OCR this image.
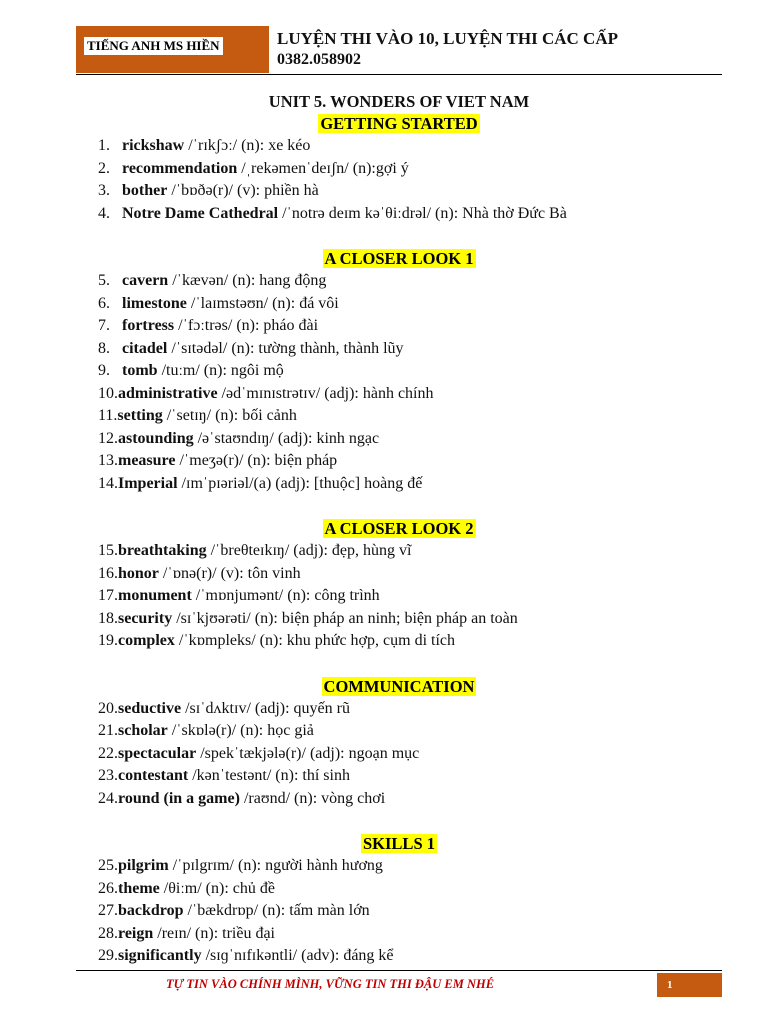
TIẾNG ANH MS HIỀN	LUYỆN THI VÀO 10, LUYỆN THI CÁC CẤP
0382.058902
UNIT 5. WONDERS OF VIET NAM
GETTING STARTED
1. rickshaw /ˈrɪkʃɔː/ (n): xe kéo
2. recommendation /ˌrekəmenˈdeɪʃn/ (n):gợi ý
3. bother /ˈbɒðə(r)/ (v): phiền hà
4. Notre Dame Cathedral /ˈnotrə deɪm kəˈθiːdrəl/ (n): Nhà thờ Đức Bà
A CLOSER LOOK 1
5. cavern /ˈkævən/ (n): hang động
6. limestone /ˈlaɪmstəʊn/ (n): đá vôi
7. fortress /ˈfɔːtrəs/ (n): pháo đài
8. citadel /ˈsɪtədəl/ (n): tường thành, thành lũy
9. tomb /tuːm/ (n): ngôi mộ
10. administrative /ədˈmɪnɪstrətɪv/ (adj): hành chính
11. setting /ˈsetɪŋ/ (n): bối cảnh
12. astounding /əˈstaʊndɪŋ/ (adj): kinh ngạc
13. measure /ˈmeʒə(r)/ (n): biện pháp
14. Imperial /ɪmˈpɪəriəl/(a) (adj): [thuộc] hoàng đế
A CLOSER LOOK 2
15. breathtaking /ˈbreθteɪkɪŋ/ (adj): đẹp, hùng vĩ
16. honor /ˈɒnə(r)/ (v): tôn vinh
17. monument /ˈmɒnjumənt/ (n): công trình
18. security /sɪˈkjʊərəti/ (n): biện pháp an ninh; biện pháp an toàn
19. complex /ˈkɒmpleks/ (n): khu phức hợp, cụm di tích
COMMUNICATION
20. seductive /sɪˈdʌktɪv/ (adj): quyến rũ
21. scholar /ˈskɒlə(r)/ (n): học giả
22. spectacular /spekˈtækjələ(r)/ (adj): ngoạn mục
23. contestant /kənˈtestənt/ (n): thí sinh
24. round (in a game) /raʊnd/ (n): vòng chơi
SKILLS 1
25. pilgrim /ˈpɪlgrɪm/ (n): người hành hương
26. theme /θiːm/ (n): chủ đề
27. backdrop /ˈbækdrɒp/ (n): tấm màn lớn
28. reign /reɪn/ (n): triều đại
29. significantly /sɪɡˈnɪfɪkəntli/ (adv): đáng kể
TỰ TIN VÀO CHÍNH MÌNH, VỮNG TIN THI ĐẬU EM NHÉ	1
